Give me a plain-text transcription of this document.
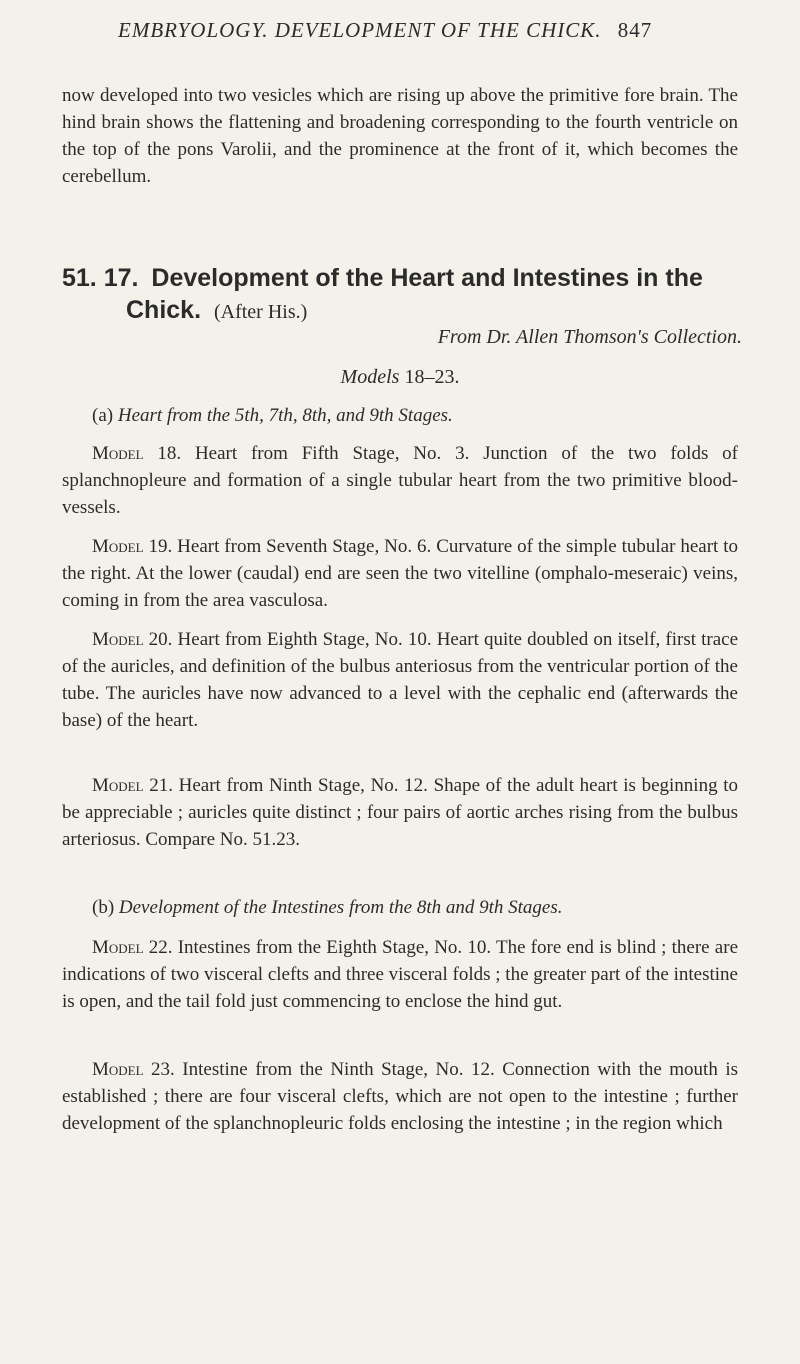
EMBRYOLOGY. DEVELOPMENT OF THE CHICK. 847

now developed into two vesicles which are rising up above the primitive fore brain. The hind brain shows the flattening and broadening corresponding to the fourth ventricle on the top of the pons Varolii, and the prominence at the front of it, which becomes the cerebellum.

51. 17. Development of the Heart and Intestines in the
Chick. (After His.)
From Dr. Allen Thomson's Collection.
Models 18–23.
(a) Heart from the 5th, 7th, 8th, and 9th Stages.

Model 18. Heart from Fifth Stage, No. 3. Junction of the two folds of splanchnopleure and formation of a single tubular heart from the two primitive blood-vessels.

Model 19. Heart from Seventh Stage, No. 6. Curvature of the simple tubular heart to the right. At the lower (caudal) end are seen the two vitelline (omphalo-meseraic) veins, coming in from the area vasculosa.

Model 20. Heart from Eighth Stage, No. 10. Heart quite doubled on itself, first trace of the auricles, and definition of the bulbus anteriosus from the ventricular portion of the tube. The auricles have now advanced to a level with the cephalic end (afterwards the base) of the heart.

Model 21. Heart from Ninth Stage, No. 12. Shape of the adult heart is beginning to be appreciable ; auricles quite distinct ; four pairs of aortic arches rising from the bulbus arteriosus. Compare No. 51.23.

(b) Development of the Intestines from the 8th and 9th Stages.

Model 22. Intestines from the Eighth Stage, No. 10. The fore end is blind ; there are indications of two visceral clefts and three visceral folds ; the greater part of the intestine is open, and the tail fold just commencing to enclose the hind gut.

Model 23. Intestine from the Ninth Stage, No. 12. Connection with the mouth is established ; there are four visceral clefts, which are not open to the intestine ; further development of the splanchnopleuric folds enclosing the intestine ; in the region which
